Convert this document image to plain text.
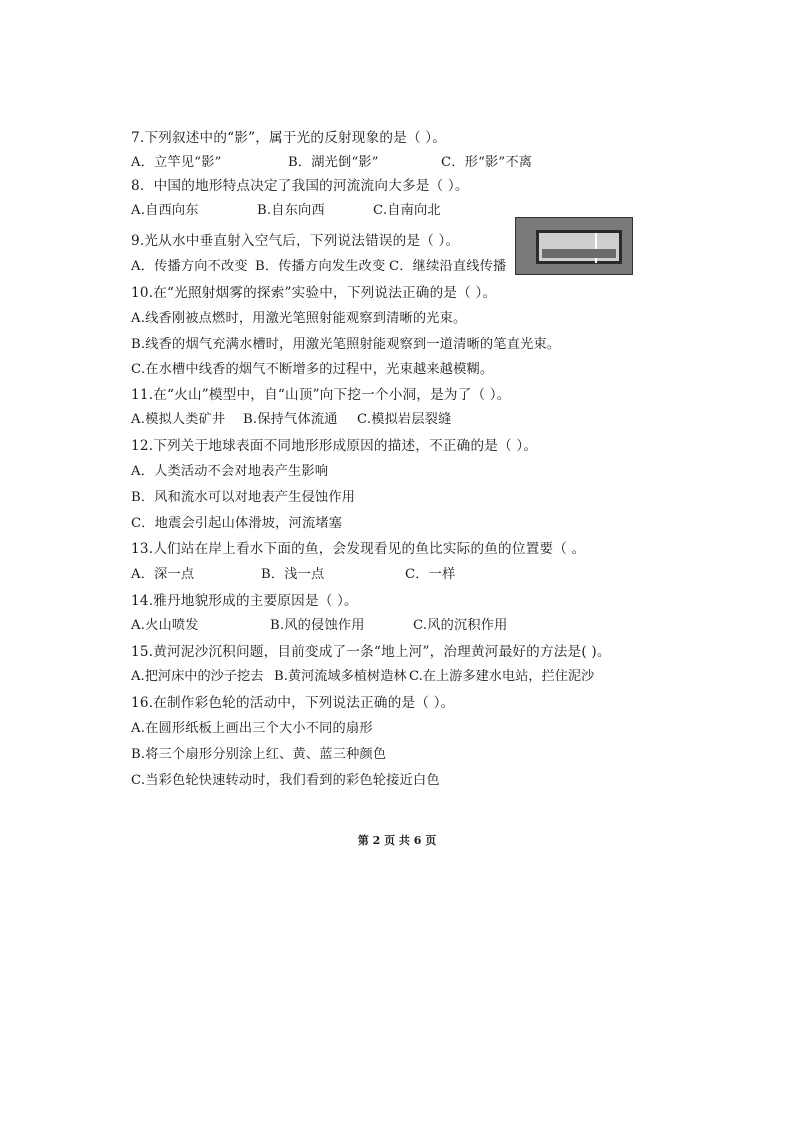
7.下列叙述中的“影”，属于光的反射现象的是（ ）。
A．立竿见“影”	B．湖光倒“影”	C．形“影”不离
8．中国的地形特点决定了我国的河流流向大多是（ ）。
A.自西向东	B.自东向西	C.自南向北
9.光从水中垂直射入空气后，下列说法错误的是（ ）。
A．传播方向不改变 B．传播方向发生改变 C．继续沿直线传播
10.在“光照射烟雾的探索”实验中，下列说法正确的是（ ）。
A.线香刚被点燃时，用激光笔照射能观察到清晰的光束。
B.线香的烟气充满水槽时，用激光笔照射能观察到一道清晰的笔直光束。
C.在水槽中线香的烟气不断增多的过程中，光束越来越模糊。
11.在“火山”模型中，自“山顶”向下挖一个小洞，是为了（ ）。
A.模拟人类矿井 B.保持气体流通 C.模拟岩层裂缝
12.下列关于地球表面不同地形形成原因的描述，不正确的是（ ）。
A．人类活动不会对地表产生影响
B．风和流水可以对地表产生侵蚀作用
C．地震会引起山体滑坡，河流堵塞
13.人们站在岸上看水下面的鱼，会发现看见的鱼比实际的鱼的位置要（ 。
A．深一点	B．浅一点	C．一样
14.雅丹地貌形成的主要原因是（ ）。
A.火山喷发	B.风的侵蚀作用	C.风的沉积作用
15.黄河泥沙沉积问题，目前变成了一条“地上河”，治理黄河最好的方法是( )。
A.把河床中的沙子挖去 B.黄河流域多植树造林 C.在上游多建水电站，拦住泥沙
16.在制作彩色轮的活动中，下列说法正确的是（ ）。
A.在圆形纸板上画出三个大小不同的扇形
B.将三个扇形分别涂上红、黄、蓝三种颜色
C.当彩色轮快速转动时，我们看到的彩色轮接近白色
第 2 页 共 6 页
